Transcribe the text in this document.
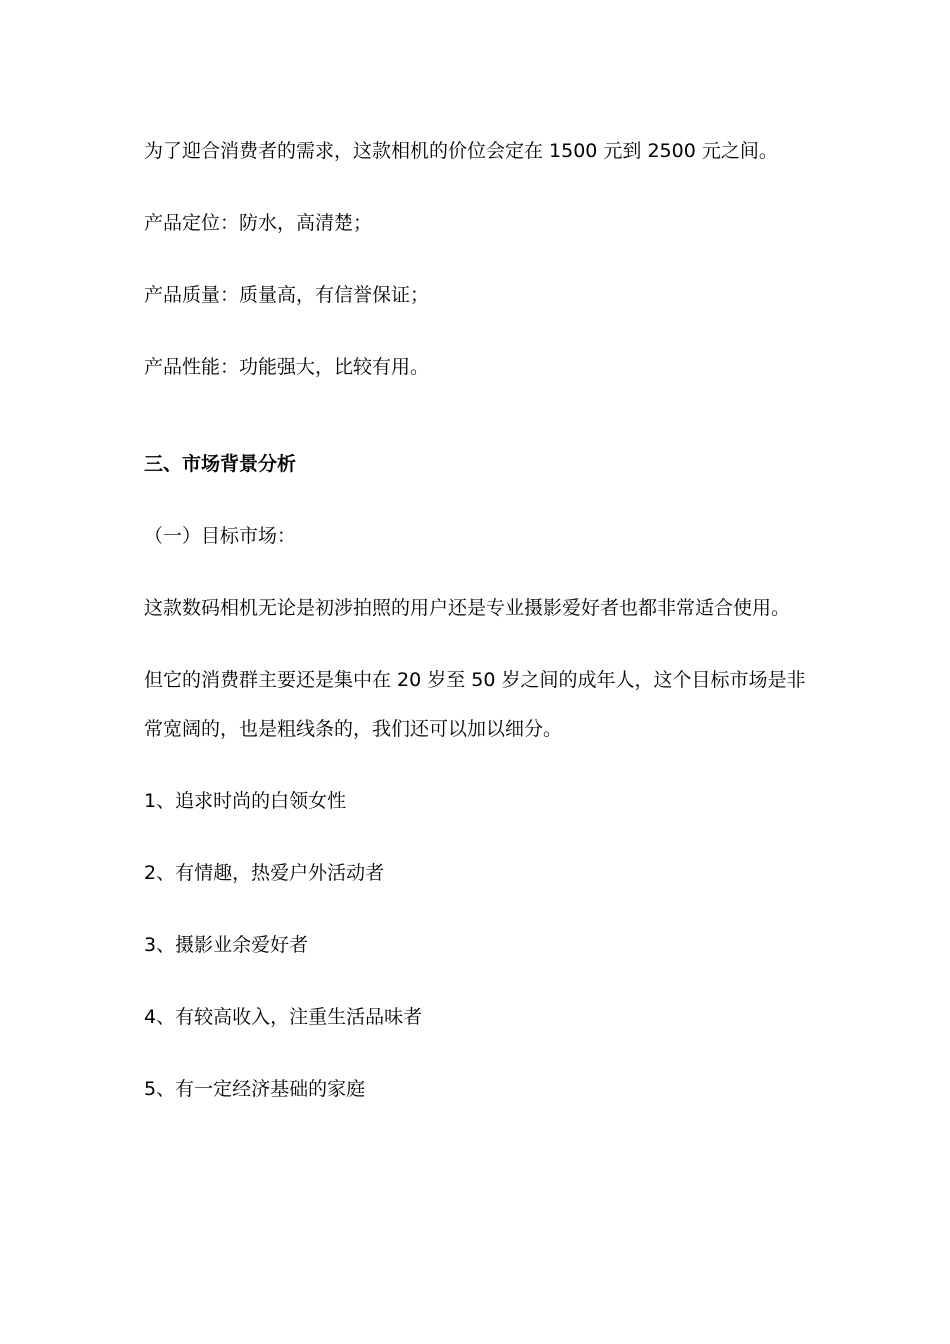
为了迎合消费者的需求，这款相机的价位会定在 1500 元到 2500 元之间。

产品定位：防水，高清楚；

产品质量：质量高，有信誉保证；

产品性能：功能强大，比较有用。

三、市场背景分析

（一）目标市场：

这款数码相机无论是初涉拍照的用户还是专业摄影爱好者也都非常适合使用。

但它的消费群主要还是集中在 20 岁至 50 岁之间的成年人，这个目标市场是非

常宽阔的，也是粗线条的，我们还可以加以细分。

1、追求时尚的白领女性

2、有情趣，热爱户外活动者

3、摄影业余爱好者

4、有较高收入，注重生活品味者

5、有一定经济基础的家庭
